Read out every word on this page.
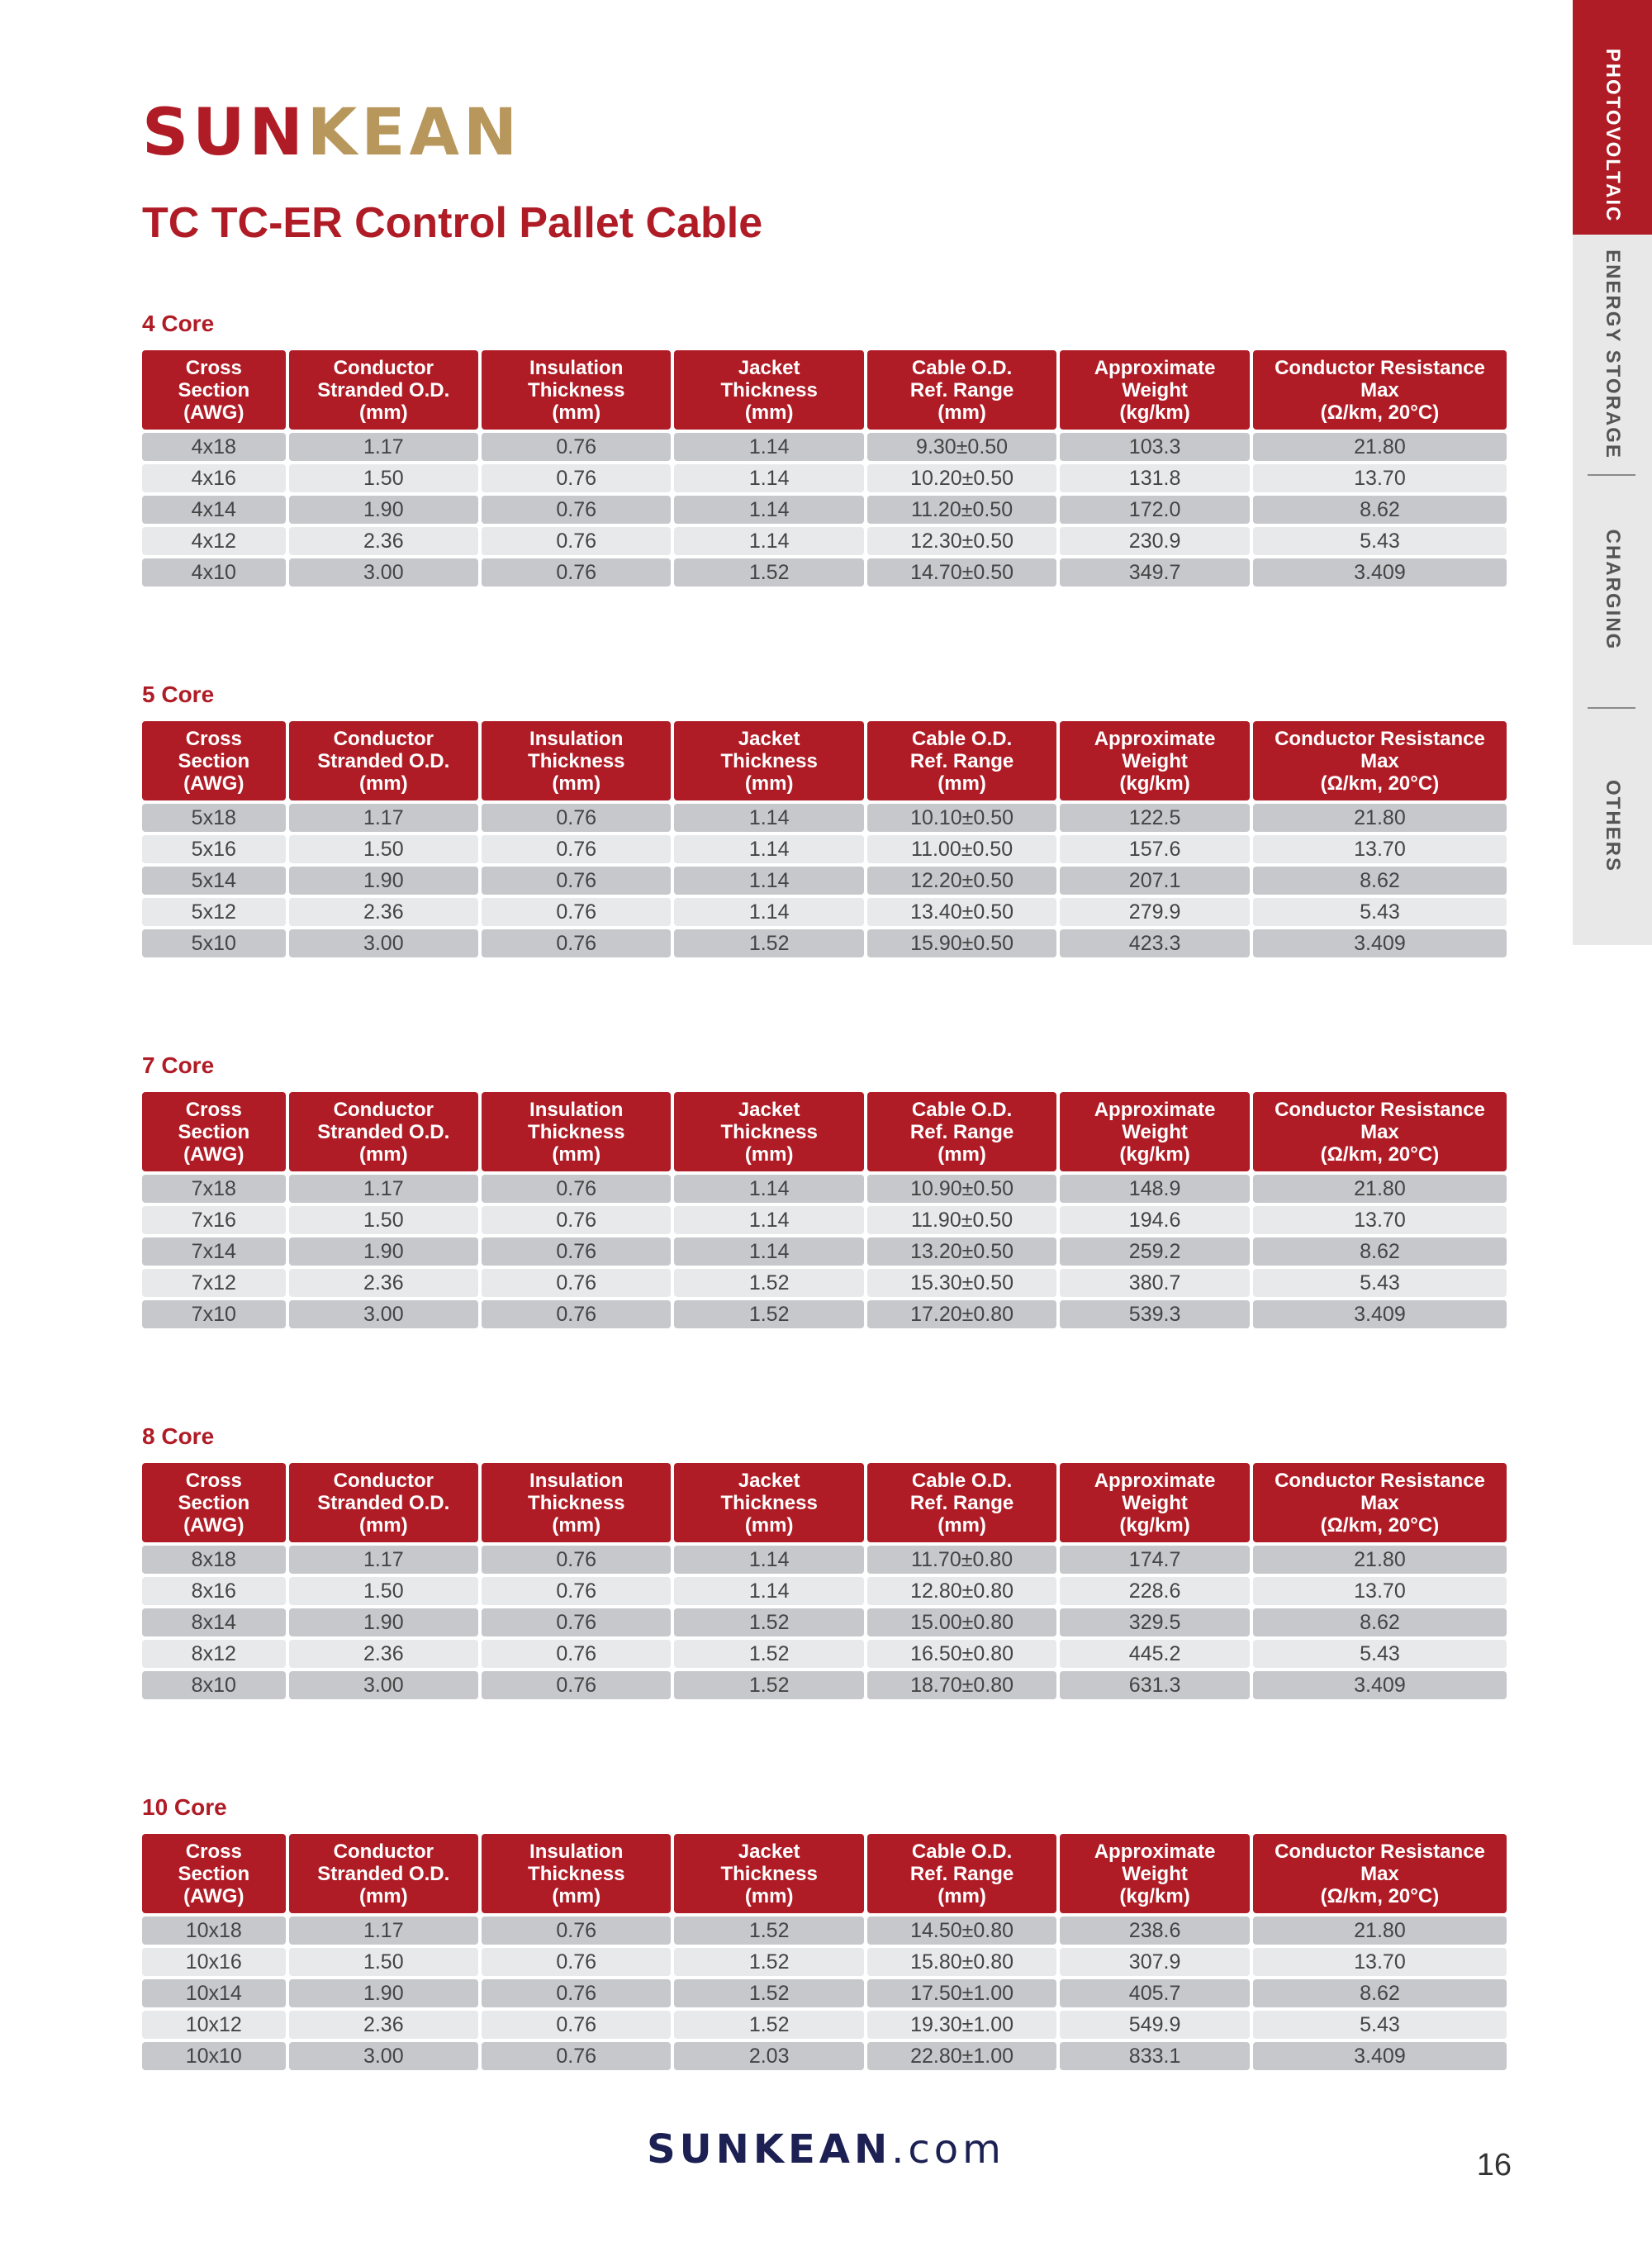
SUNKEAN
TC TC-ER Control Pallet Cable
4 Core
Cross
Section
(AWG)	Conductor
Stranded O.D.
(mm)	Insulation
Thickness
(mm)	Jacket
Thickness
(mm)	Cable O.D.
Ref. Range
(mm)	Approximate
Weight
(kg/km)	Conductor Resistance
Max
(Ω/km, 20°C)

4x18	1.17	0.76	1.14	9.30±0.50	103.3	21.80
4x16	1.50	0.76	1.14	10.20±0.50	131.8	13.70
4x14	1.90	0.76	1.14	11.20±0.50	172.0	8.62
4x12	2.36	0.76	1.14	12.30±0.50	230.9	5.43
4x10	3.00	0.76	1.52	14.70±0.50	349.7	3.409
5 Core
Cross
Section
(AWG)	Conductor
Stranded O.D.
(mm)	Insulation
Thickness
(mm)	Jacket
Thickness
(mm)	Cable O.D.
Ref. Range
(mm)	Approximate
Weight
(kg/km)	Conductor Resistance
Max
(Ω/km, 20°C)

5x18	1.17	0.76	1.14	10.10±0.50	122.5	21.80
5x16	1.50	0.76	1.14	11.00±0.50	157.6	13.70
5x14	1.90	0.76	1.14	12.20±0.50	207.1	8.62
5x12	2.36	0.76	1.14	13.40±0.50	279.9	5.43
5x10	3.00	0.76	1.52	15.90±0.50	423.3	3.409
7 Core
Cross
Section
(AWG)	Conductor
Stranded O.D.
(mm)	Insulation
Thickness
(mm)	Jacket
Thickness
(mm)	Cable O.D.
Ref. Range
(mm)	Approximate
Weight
(kg/km)	Conductor Resistance
Max
(Ω/km, 20°C)

7x18	1.17	0.76	1.14	10.90±0.50	148.9	21.80
7x16	1.50	0.76	1.14	11.90±0.50	194.6	13.70
7x14	1.90	0.76	1.14	13.20±0.50	259.2	8.62
7x12	2.36	0.76	1.52	15.30±0.50	380.7	5.43
7x10	3.00	0.76	1.52	17.20±0.80	539.3	3.409
8 Core
Cross
Section
(AWG)	Conductor
Stranded O.D.
(mm)	Insulation
Thickness
(mm)	Jacket
Thickness
(mm)	Cable O.D.
Ref. Range
(mm)	Approximate
Weight
(kg/km)	Conductor Resistance
Max
(Ω/km, 20°C)

8x18	1.17	0.76	1.14	11.70±0.80	174.7	21.80
8x16	1.50	0.76	1.14	12.80±0.80	228.6	13.70
8x14	1.90	0.76	1.52	15.00±0.80	329.5	8.62
8x12	2.36	0.76	1.52	16.50±0.80	445.2	5.43
8x10	3.00	0.76	1.52	18.70±0.80	631.3	3.409
10 Core
Cross
Section
(AWG)	Conductor
Stranded O.D.
(mm)	Insulation
Thickness
(mm)	Jacket
Thickness
(mm)	Cable O.D.
Ref. Range
(mm)	Approximate
Weight
(kg/km)	Conductor Resistance
Max
(Ω/km, 20°C)

10x18	1.17	0.76	1.52	14.50±0.80	238.6	21.80
10x16	1.50	0.76	1.52	15.80±0.80	307.9	13.70
10x14	1.90	0.76	1.52	17.50±1.00	405.7	8.62
10x12	2.36	0.76	1.52	19.30±1.00	549.9	5.43
10x10	3.00	0.76	2.03	22.80±1.00	833.1	3.409
PHOTOVOLTAIC
ENERGY STORAGE
CHARGING
OTHERS
SUNKEAN.com	16
